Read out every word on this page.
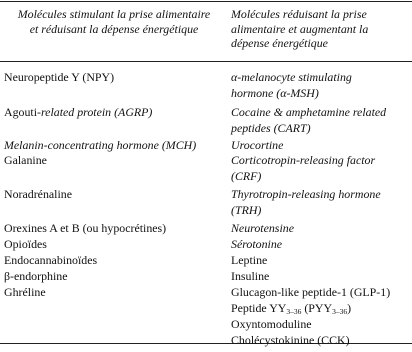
Molécules stimulant la prise alimentaire
et réduisant la dépense énergétique
Molécules réduisant la prise
alimentaire et augmentant la
dépense énergétique
Neuropeptide Y (NPY)
Agouti-related protein (AGRP)
Melanin-concentrating hormone (MCH)
Galanine
Noradrénaline
Orexines A et B (ou hypocrétines)
Opioïdes
Endocannabinoïdes
β-endorphine
Ghréline
α-melanocyte stimulating
hormone (α-MSH)
Cocaine & amphetamine related
peptides (CART)
Urocortine
Corticotropin-releasing factor
(CRF)
Thyrotropin-releasing hormone
(TRH)
Neurotensine
Sérotonine
Leptine
Insuline
Glucagon-like peptide-1 (GLP-1)
Peptide YY3–36 (PYY3–36)
Oxyntomoduline
Cholécystokinine (CCK)
